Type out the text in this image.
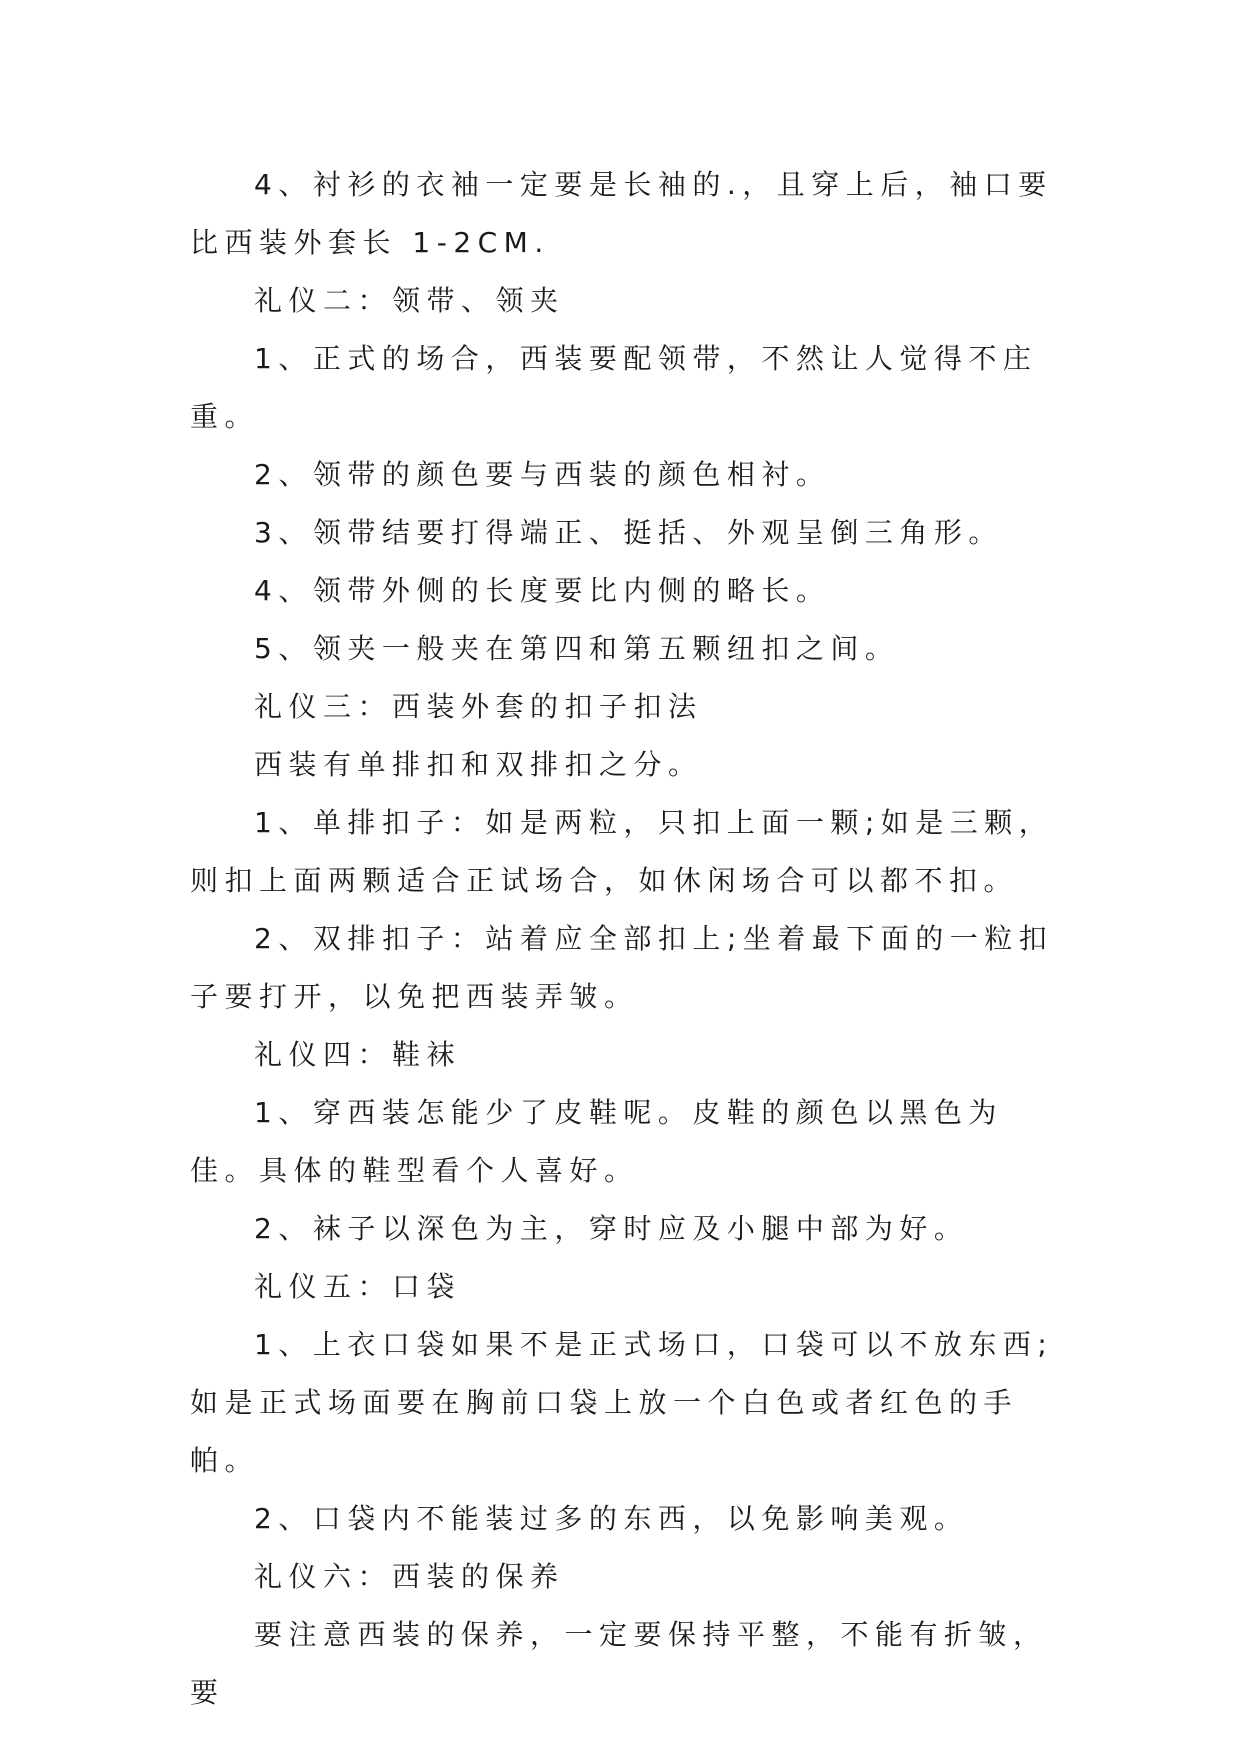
4、衬衫的衣袖一定要是长袖的.，且穿上后，袖口要比西装外套长 1-2CM.

礼仪二：领带、领夹

1、正式的场合，西装要配领带，不然让人觉得不庄重。

2、领带的颜色要与西装的颜色相衬。

3、领带结要打得端正、挺括、外观呈倒三角形。

4、领带外侧的长度要比内侧的略长。

5、领夹一般夹在第四和第五颗纽扣之间。

礼仪三：西装外套的扣子扣法

西装有单排扣和双排扣之分。

1、单排扣子：如是两粒，只扣上面一颗;如是三颗，则扣上面两颗适合正试场合，如休闲场合可以都不扣。

2、双排扣子：站着应全部扣上;坐着最下面的一粒扣子要打开，以免把西装弄皱。

礼仪四：鞋袜

1、穿西装怎能少了皮鞋呢。皮鞋的颜色以黑色为佳。具体的鞋型看个人喜好。

2、袜子以深色为主，穿时应及小腿中部为好。

礼仪五：口袋

1、上衣口袋如果不是正式场口，口袋可以不放东西;如是正式场面要在胸前口袋上放一个白色或者红色的手帕。

2、口袋内不能装过多的东西，以免影响美观。

礼仪六：西装的保养

要注意西装的保养，一定要保持平整，不能有折皱，要
